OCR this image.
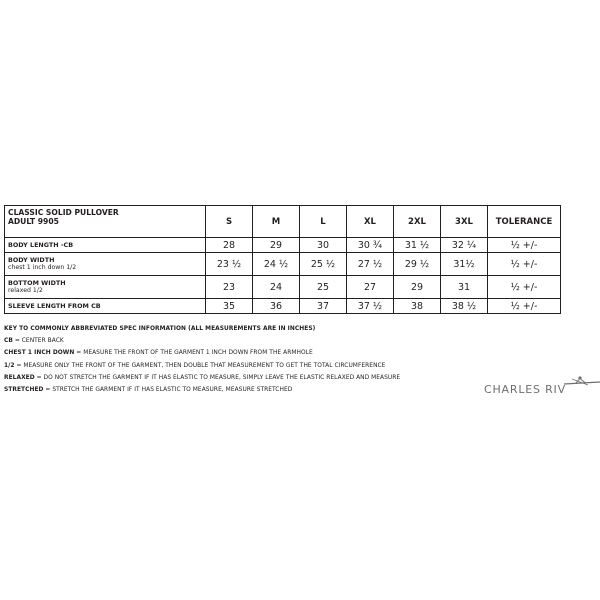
CLASSIC SOLID PULLOVER
ADULT 9905	S	M	L	XL	2XL	3XL	TOLERANCE

BODY LENGTH -CB	28	29	30	30 ¾	31 ½	32 ¼	½ +/-

BODY WIDTH
chest 1 inch down 1/2	23 ½	24 ½	25 ½	27 ½	29 ½	31½	½ +/-

BOTTOM WIDTH
relaxed 1/2	23	24	25	27	29	31	½ +/-

SLEEVE LENGTH FROM CB	35	36	37	37 ½	38	38 ½	½ +/-
KEY TO COMMONLY ABBREVIATED SPEC INFORMATION (ALL MEASUREMENTS ARE IN INCHES)
CB = CENTER BACK
CHEST 1 INCH DOWN = MEASURE THE FRONT OF THE GARMENT 1 INCH DOWN FROM THE ARMHOLE
1/2 = MEASURE ONLY THE FRONT OF THE GARMENT, THEN DOUBLE THAT MEASUREMENT TO GET THE TOTAL CIRCUMFERENCE
RELAXED = DO NOT STRETCH THE GARMENT IF IT HAS ELASTIC TO MEASURE, SIMPLY LEAVE THE ELASTIC RELAXED AND MEASURE
STRETCHED = STRETCH THE GARMENT IF IT HAS ELASTIC TO MEASURE, MEASURE STRETCHED	CHARLES RIV
